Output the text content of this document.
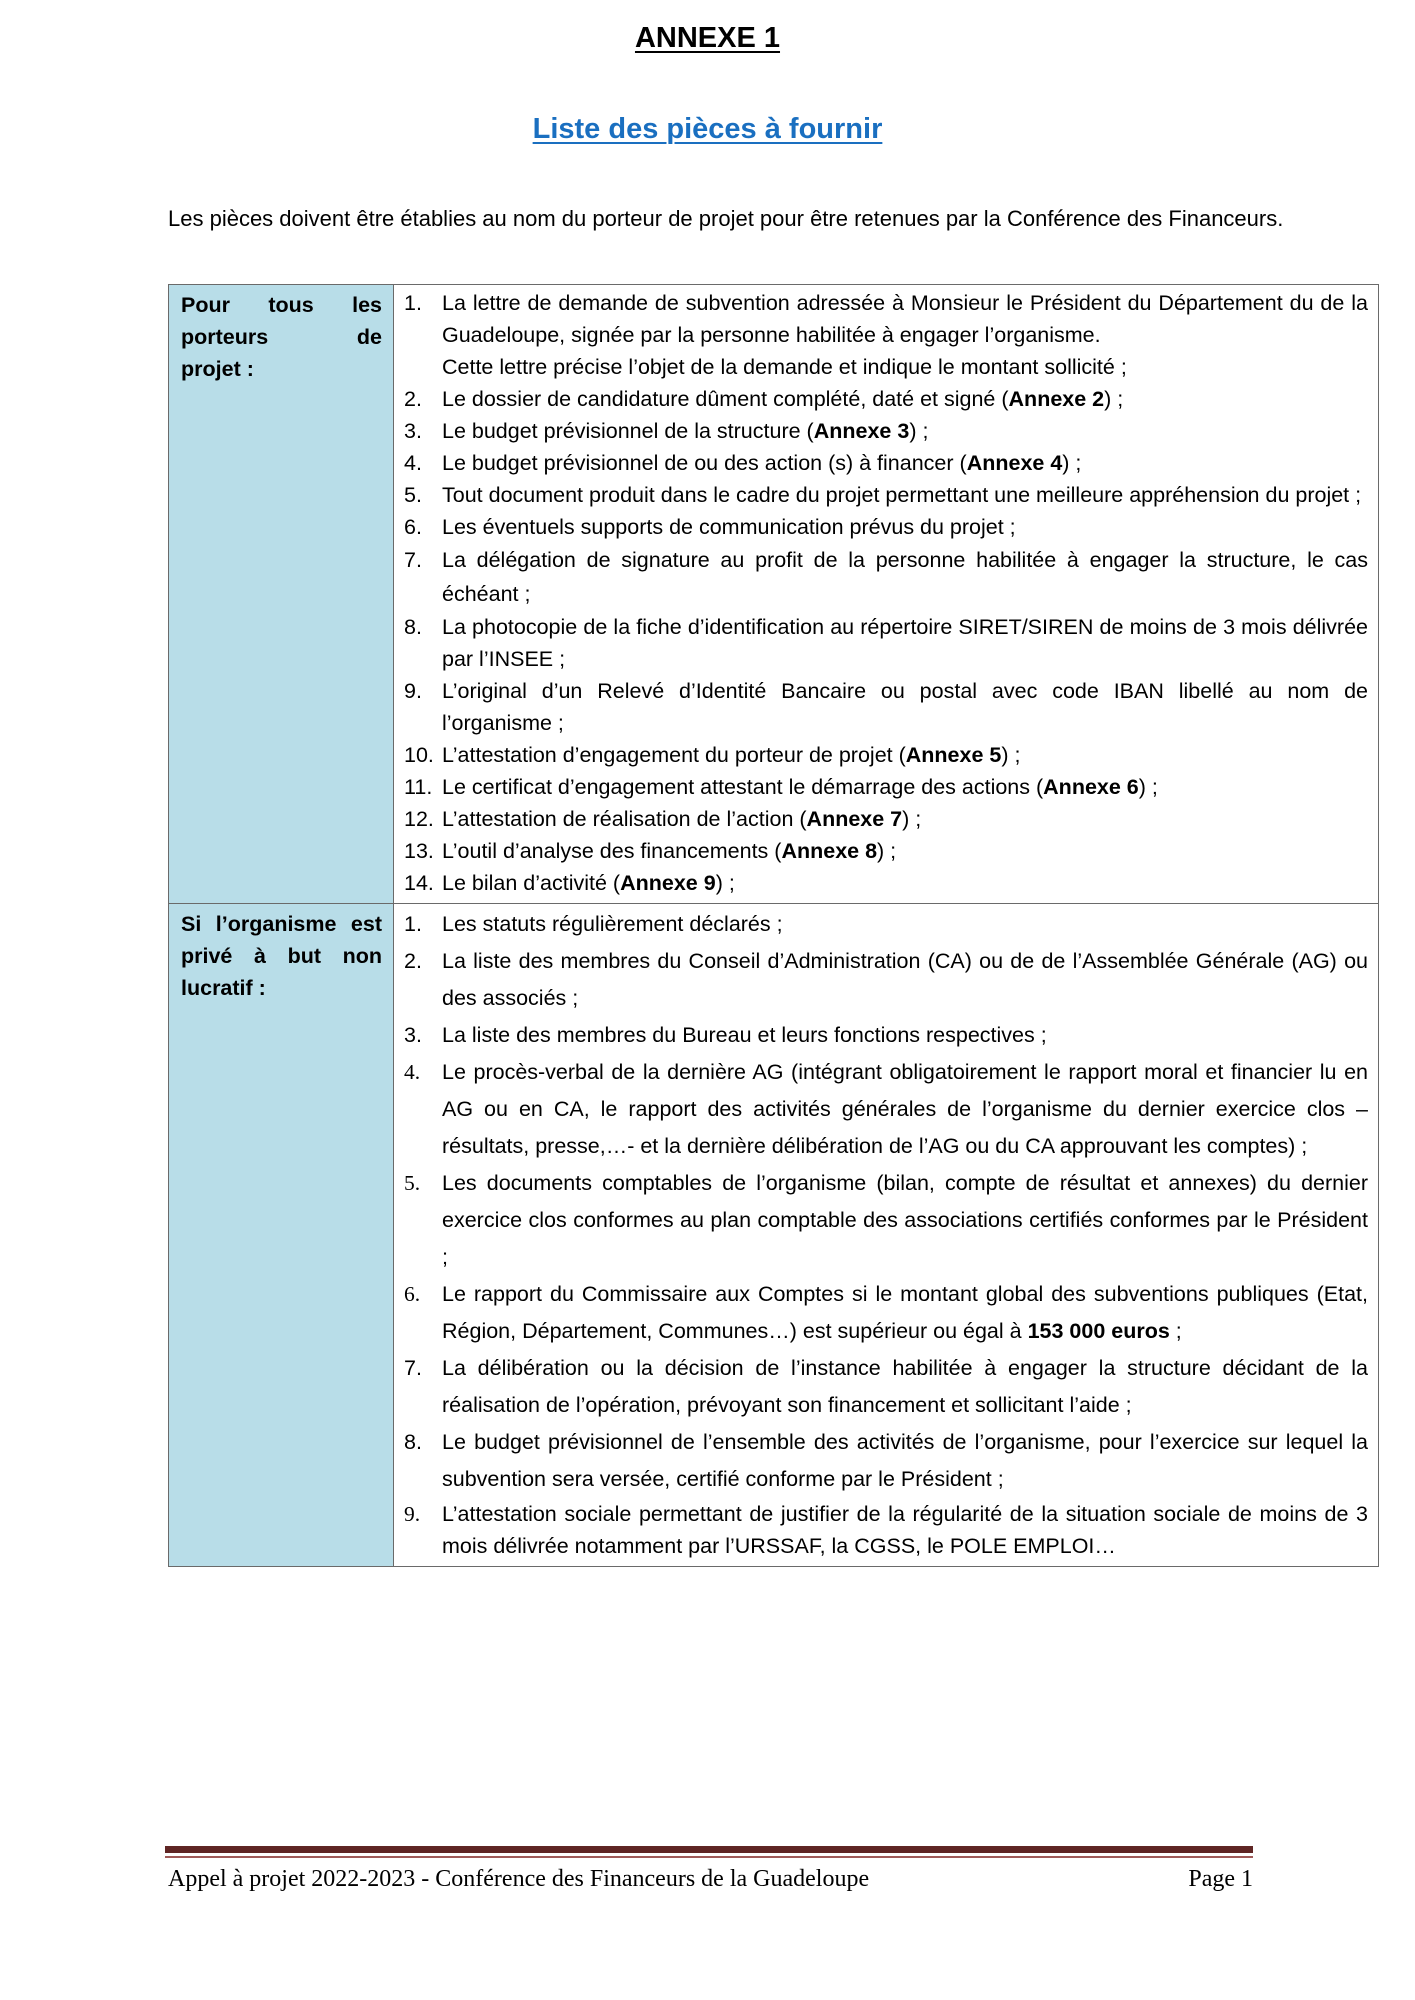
ANNEXE 1
Liste des pièces à fournir
Les pièces doivent être établies au nom du porteur de projet pour être retenues par la Conférence des Financeurs.
Pour tous les
porteurs de
projet :	
1. La lettre de demande de subvention adressée à Monsieur le Président du Département du de la Guadeloupe, signée par la personne habilitée à engager l’organisme.
Cette lettre précise l’objet de la demande et indique le montant sollicité ;
2. Le dossier de candidature dûment complété, daté et signé (Annexe 2) ;
3. Le budget prévisionnel de la structure (Annexe 3) ;
4. Le budget prévisionnel de ou des action (s) à financer (Annexe 4) ;
5. Tout document produit dans le cadre du projet permettant une meilleure appréhension du projet ;
6. Les éventuels supports de communication prévus du projet ;
7. La délégation de signature au profit de la personne habilitée à engager la structure, le cas échéant ;
8. La photocopie de la fiche d’identification au répertoire SIRET/SIREN de moins de 3 mois délivrée par l’INSEE ;
9. L’original d’un Relevé d’Identité Bancaire ou postal avec code IBAN libellé au nom de l’organisme ;
10. L’attestation d’engagement du porteur de projet (Annexe 5) ;
11. Le certificat d’engagement attestant le démarrage des actions (Annexe 6) ;
12. L’attestation de réalisation de l’action (Annexe 7) ;
13. L’outil d’analyse des financements (Annexe 8) ;
14. Le bilan d’activité (Annexe 9) ;

Si l’organisme est
privé à but non
lucratif :	
1. Les statuts régulièrement déclarés ;
2. La liste des membres du Conseil d’Administration (CA) ou de de l’Assemblée Générale (AG) ou des associés ;
3. La liste des membres du Bureau et leurs fonctions respectives ;
4.	Le procès-verbal de la dernière AG (intégrant obligatoirement le rapport moral et financier lu en AG ou en CA, le rapport des activités générales de l’organisme du dernier exercice clos –résultats, presse,…- et la dernière délibération de l’AG ou du CA approuvant les comptes) ;
5.	Les documents comptables de l’organisme (bilan, compte de résultat et annexes) du dernier exercice clos conformes au plan comptable des associations certifiés conformes par le Président ;
6.	Le rapport du Commissaire aux Comptes si le montant global des subventions publiques (Etat, Région, Département, Communes…) est supérieur ou égal à 153 000 euros ;
7. La délibération ou la décision de l’instance habilitée à engager la structure décidant de la réalisation de l’opération, prévoyant son financement et sollicitant l’aide ;
8. Le budget prévisionnel de l’ensemble des activités de l’organisme, pour l’exercice sur lequel la subvention sera versée, certifié conforme par le Président ;
9.	L’attestation sociale permettant de justifier de la régularité de la situation sociale de moins de 3 mois délivrée notamment par l’URSSAF, la CGSS, le POLE EMPLOI…
Appel à projet 2022-2023 - Conférence des Financeurs de la Guadeloupe	Page 1
